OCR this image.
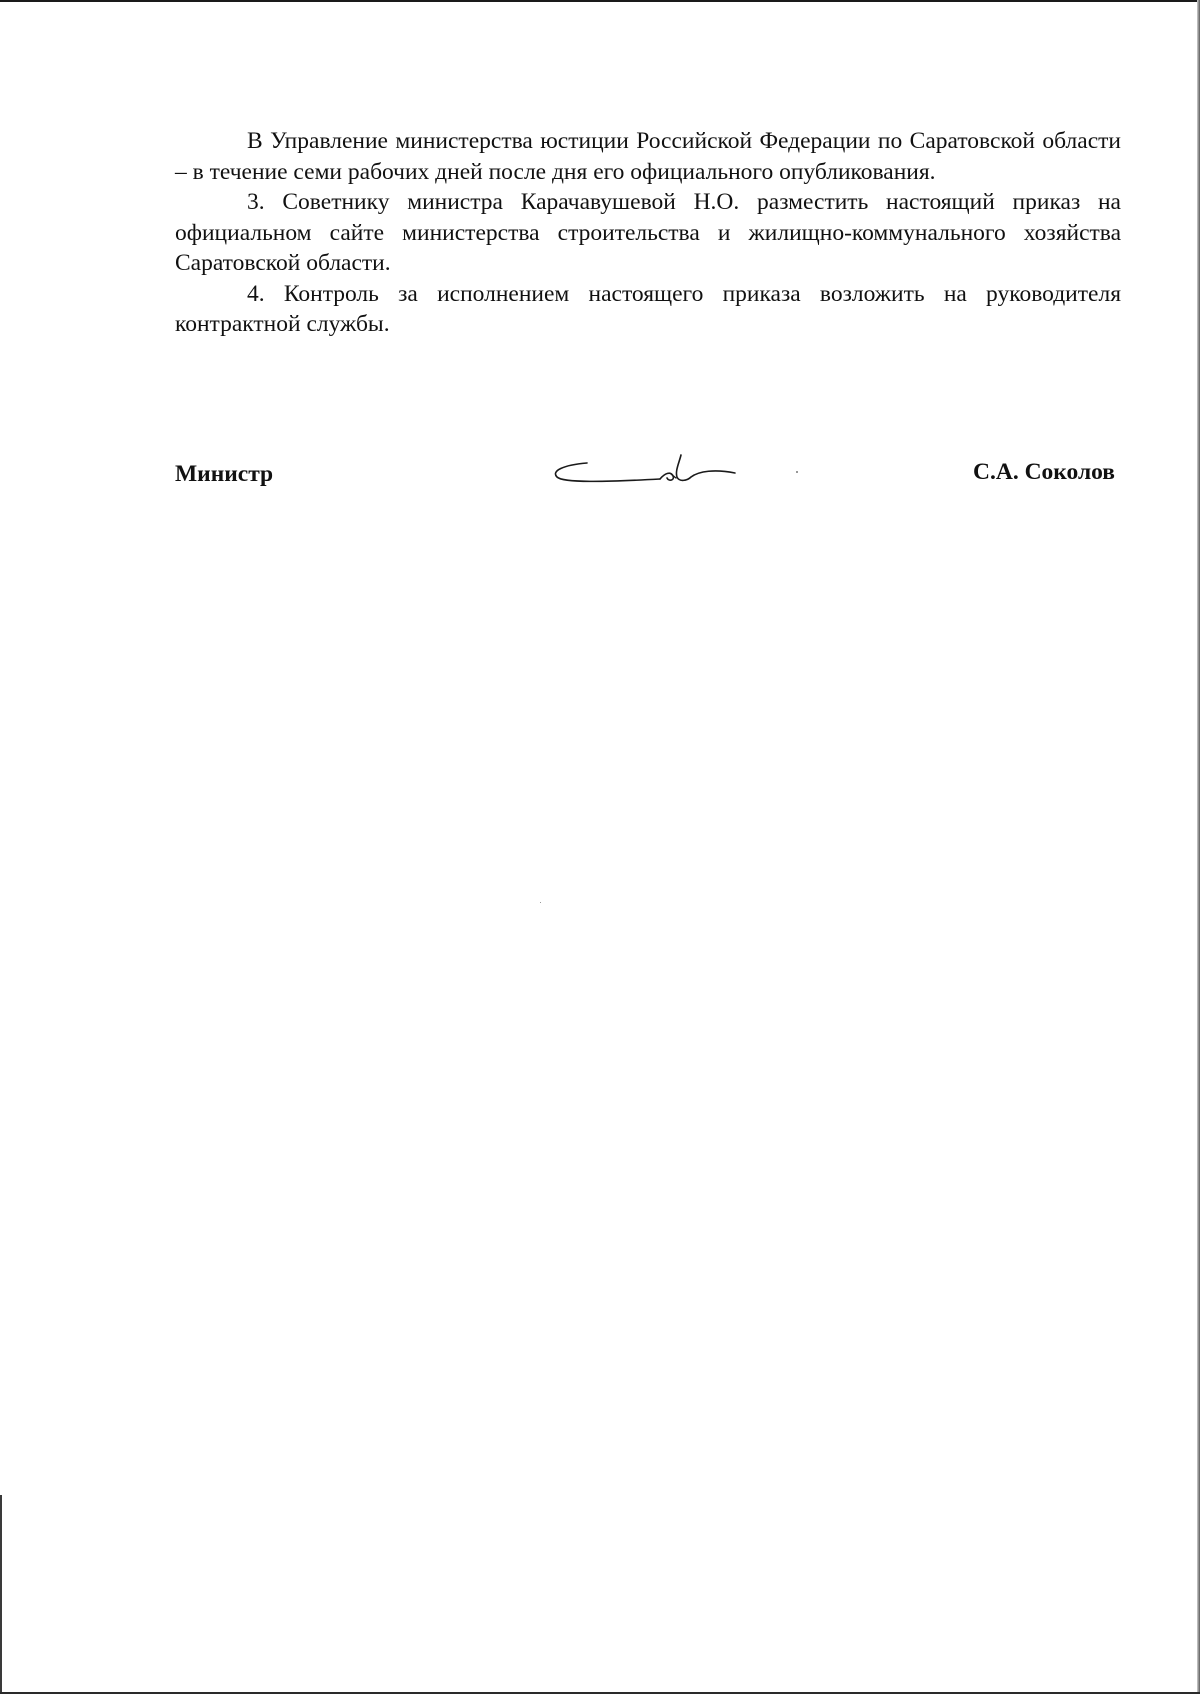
В Управление министерства юстиции Российской Федерации по Саратовской области – в течение семи рабочих дней после дня его официального опубликования.

3. Советнику министра Карачавушевой Н.О. разместить настоящий приказ на официальном сайте министерства строительства и жилищно-коммунального хозяйства Саратовской области.

4. Контроль за исполнением настоящего приказа возложить на руководителя контрактной службы.

Министр	С.А. Соколов
